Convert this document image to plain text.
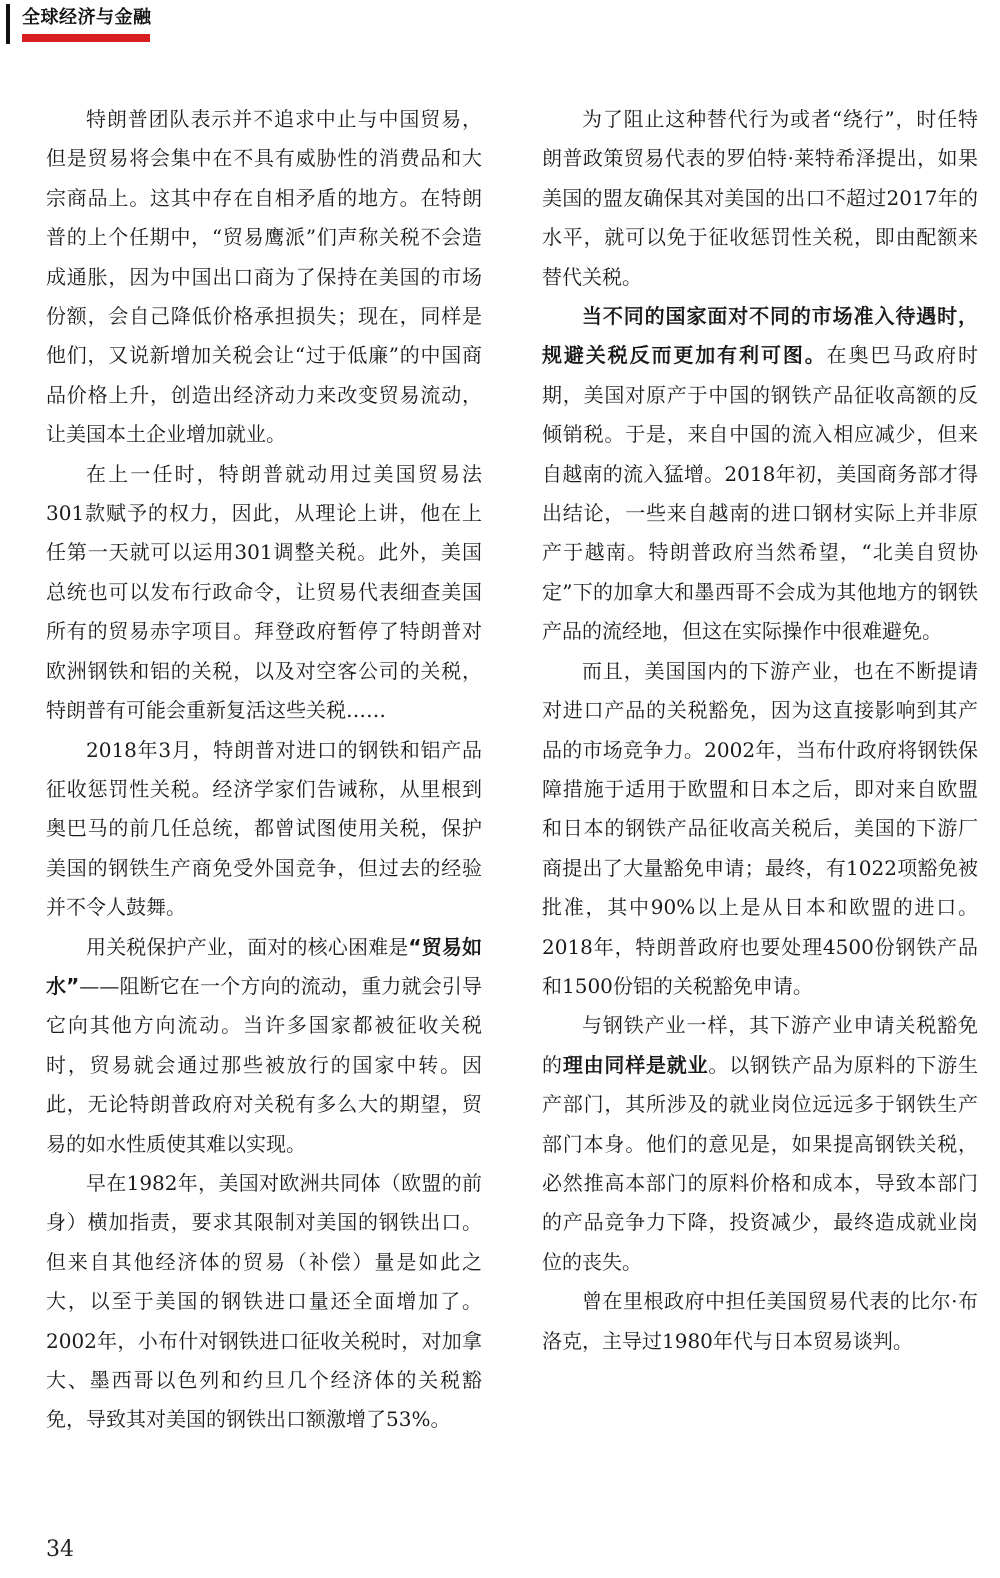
全球经济与金融

特朗普团队表示并不追求中止与中国贸易，但是贸易将会集中在不具有威胁性的消费品和大宗商品上。这其中存在自相矛盾的地方。在特朗普的上个任期中，“贸易鹰派”们声称关税不会造成通胀，因为中国出口商为了保持在美国的市场份额，会自己降低价格承担损失；现在，同样是他们，又说新增加关税会让“过于低廉”的中国商品价格上升，创造出经济动力来改变贸易流动，让美国本土企业增加就业。

在上一任时，特朗普就动用过美国贸易法301款赋予的权力，因此，从理论上讲，他在上任第一天就可以运用301调整关税。此外，美国总统也可以发布行政命令，让贸易代表细查美国所有的贸易赤字项目。拜登政府暂停了特朗普对欧洲钢铁和铝的关税，以及对空客公司的关税，特朗普有可能会重新复活这些关税……

2018年3月，特朗普对进口的钢铁和铝产品征收惩罚性关税。经济学家们告诫称，从里根到奥巴马的前几任总统，都曾试图使用关税，保护美国的钢铁生产商免受外国竞争，但过去的经验并不令人鼓舞。

用关税保护产业，面对的核心困难是“贸易如水”——阻断它在一个方向的流动，重力就会引导它向其他方向流动。当许多国家都被征收关税时，贸易就会通过那些被放行的国家中转。因此，无论特朗普政府对关税有多么大的期望，贸易的如水性质使其难以实现。

早在1982年，美国对欧洲共同体（欧盟的前身）横加指责，要求其限制对美国的钢铁出口。但来自其他经济体的贸易（补偿）量是如此之大，以至于美国的钢铁进口量还全面增加了。2002年，小布什对钢铁进口征收关税时，对加拿大、墨西哥以色列和约旦几个经济体的关税豁免，导致其对美国的钢铁出口额激增了53%。

为了阻止这种替代行为或者“绕行”，时任特朗普政策贸易代表的罗伯特·莱特希泽提出，如果美国的盟友确保其对美国的出口不超过2017年的水平，就可以免于征收惩罚性关税，即由配额来替代关税。

当不同的国家面对不同的市场准入待遇时，规避关税反而更加有利可图。在奥巴马政府时期，美国对原产于中国的钢铁产品征收高额的反倾销税。于是，来自中国的流入相应减少，但来自越南的流入猛增。2018年初，美国商务部才得出结论，一些来自越南的进口钢材实际上并非原产于越南。特朗普政府当然希望，“北美自贸协定”下的加拿大和墨西哥不会成为其他地方的钢铁产品的流经地，但这在实际操作中很难避免。

而且，美国国内的下游产业，也在不断提请对进口产品的关税豁免，因为这直接影响到其产品的市场竞争力。2002年，当布什政府将钢铁保障措施于适用于欧盟和日本之后，即对来自欧盟和日本的钢铁产品征收高关税后，美国的下游厂商提出了大量豁免申请；最终，有1022项豁免被批准，其中90%以上是从日本和欧盟的进口。2018年，特朗普政府也要处理4500份钢铁产品和1500份铝的关税豁免申请。

与钢铁产业一样，其下游产业申请关税豁免的理由同样是就业。以钢铁产品为原料的下游生产部门，其所涉及的就业岗位远远多于钢铁生产部门本身。他们的意见是，如果提高钢铁关税，必然推高本部门的原料价格和成本，导致本部门的产品竞争力下降，投资减少，最终造成就业岗位的丧失。

曾在里根政府中担任美国贸易代表的比尔·布洛克，主导过1980年代与日本贸易谈判。

34
